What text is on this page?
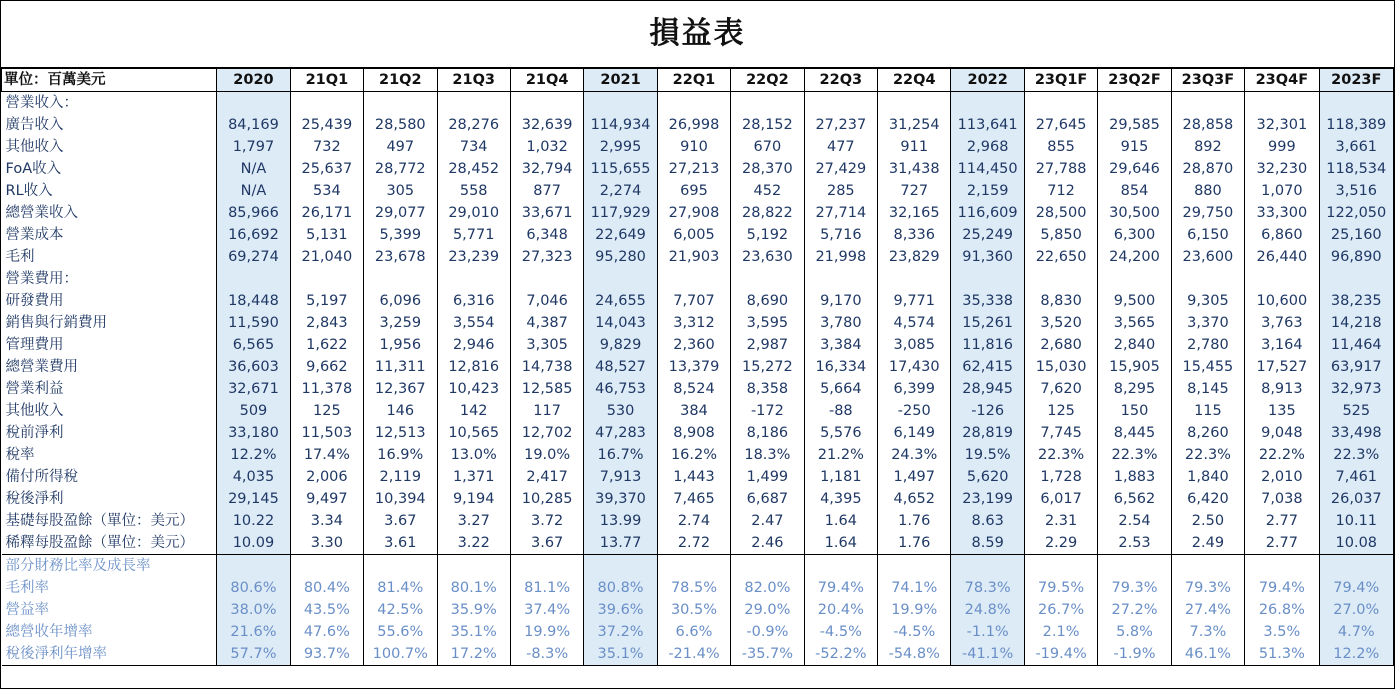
損益表
單位：百萬美元	2020	21Q1	21Q2	21Q3	21Q4	2021	22Q1	22Q2	22Q3	22Q4	2022	23Q1F	23Q2F	23Q3F	23Q4F	2023F
營業收入：																
廣告收入	84,169	25,439	28,580	28,276	32,639	114,934	26,998	28,152	27,237	31,254	113,641	27,645	29,585	28,858	32,301	118,389
其他收入	1,797	732	497	734	1,032	2,995	910	670	477	911	2,968	855	915	892	999	3,661
FoA收入	N/A	25,637	28,772	28,452	32,794	115,655	27,213	28,370	27,429	31,438	114,450	27,788	29,646	28,870	32,230	118,534
RL收入	N/A	534	305	558	877	2,274	695	452	285	727	2,159	712	854	880	1,070	3,516
總營業收入	85,966	26,171	29,077	29,010	33,671	117,929	27,908	28,822	27,714	32,165	116,609	28,500	30,500	29,750	33,300	122,050
營業成本	16,692	5,131	5,399	5,771	6,348	22,649	6,005	5,192	5,716	8,336	25,249	5,850	6,300	6,150	6,860	25,160
毛利	69,274	21,040	23,678	23,239	27,323	95,280	21,903	23,630	21,998	23,829	91,360	22,650	24,200	23,600	26,440	96,890
營業費用：																
研發費用	18,448	5,197	6,096	6,316	7,046	24,655	7,707	8,690	9,170	9,771	35,338	8,830	9,500	9,305	10,600	38,235
銷售與行銷費用	11,590	2,843	3,259	3,554	4,387	14,043	3,312	3,595	3,780	4,574	15,261	3,520	3,565	3,370	3,763	14,218
管理費用	6,565	1,622	1,956	2,946	3,305	9,829	2,360	2,987	3,384	3,085	11,816	2,680	2,840	2,780	3,164	11,464
總營業費用	36,603	9,662	11,311	12,816	14,738	48,527	13,379	15,272	16,334	17,430	62,415	15,030	15,905	15,455	17,527	63,917
營業利益	32,671	11,378	12,367	10,423	12,585	46,753	8,524	8,358	5,664	6,399	28,945	7,620	8,295	8,145	8,913	32,973
其他收入	509	125	146	142	117	530	384	-172	-88	-250	-126	125	150	115	135	525
稅前淨利	33,180	11,503	12,513	10,565	12,702	47,283	8,908	8,186	5,576	6,149	28,819	7,745	8,445	8,260	9,048	33,498
稅率	12.2%	17.4%	16.9%	13.0%	19.0%	16.7%	16.2%	18.3%	21.2%	24.3%	19.5%	22.3%	22.3%	22.3%	22.2%	22.3%
備付所得稅	4,035	2,006	2,119	1,371	2,417	7,913	1,443	1,499	1,181	1,497	5,620	1,728	1,883	1,840	2,010	7,461
稅後淨利	29,145	9,497	10,394	9,194	10,285	39,370	7,465	6,687	4,395	4,652	23,199	6,017	6,562	6,420	7,038	26,037
基礎每股盈餘（單位：美元）	10.22	3.34	3.67	3.27	3.72	13.99	2.74	2.47	1.64	1.76	8.63	2.31	2.54	2.50	2.77	10.11
稀釋每股盈餘（單位：美元）	10.09	3.30	3.61	3.22	3.67	13.77	2.72	2.46	1.64	1.76	8.59	2.29	2.53	2.49	2.77	10.08
部分財務比率及成長率																
毛利率	80.6%	80.4%	81.4%	80.1%	81.1%	80.8%	78.5%	82.0%	79.4%	74.1%	78.3%	79.5%	79.3%	79.3%	79.4%	79.4%
營益率	38.0%	43.5%	42.5%	35.9%	37.4%	39.6%	30.5%	29.0%	20.4%	19.9%	24.8%	26.7%	27.2%	27.4%	26.8%	27.0%
總營收年增率	21.6%	47.6%	55.6%	35.1%	19.9%	37.2%	6.6%	-0.9%	-4.5%	-4.5%	-1.1%	2.1%	5.8%	7.3%	3.5%	4.7%
稅後淨利年增率	57.7%	93.7%	100.7%	17.2%	-8.3%	35.1%	-21.4%	-35.7%	-52.2%	-54.8%	-41.1%	-19.4%	-1.9%	46.1%	51.3%	12.2%
